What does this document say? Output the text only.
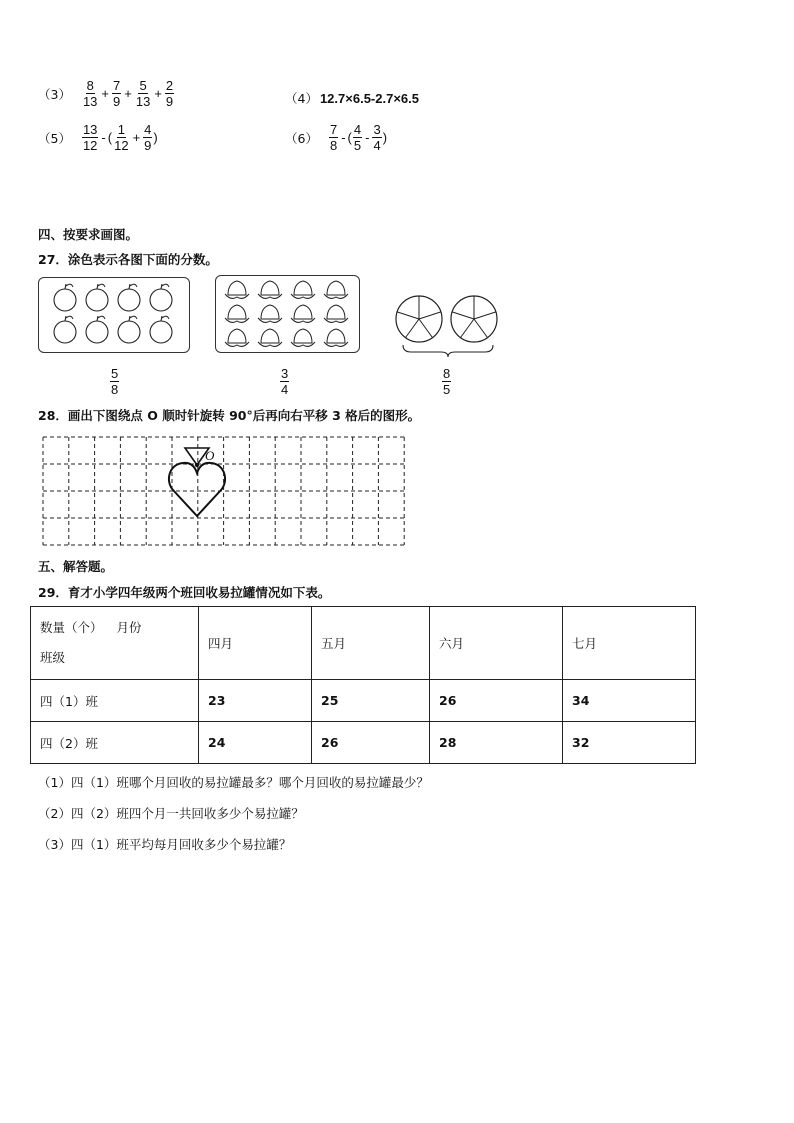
$(3) \frac{8}{13} + \frac{7}{9} + \frac{5}{13} + \frac{2}{9}$	（4） 12.7×6.5-2.7×6.5
$(5) \frac{13}{12}$ - ( $\frac{1}{12} + \frac{4}{9}$ )	$(6) \frac{7}{8}$ - ( $\frac{4}{5} - \frac{3}{4}$ )
四、按要求画图。
27．涂色表示各图下面的分数。
$\frac{5}{8}$	$\frac{3}{4}$	$\frac{8}{5}$
28．画出下图绕点 O 顺时针旋转 90°后再向右平移 3 格后的图形。
O
五、解答题。
29．育才小学四年级两个班回收易拉罐情况如下表。
数量（个） 月份
班级	四月	五月	六月	七月
四（1）班	23	25	26	34
四（2）班	24	26	28	32
（1）四（1）班哪个月回收的易拉罐最多？哪个月回收的易拉罐最少？
（2）四（2）班四个月一共回收多少个易拉罐？
（3）四（1）班平均每月回收多少个易拉罐？
